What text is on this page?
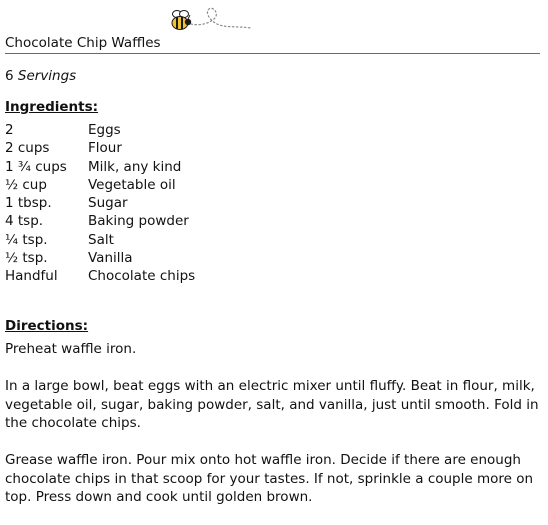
Chocolate Chip Waffles
6 Servings
Ingredients:
2	Eggs
2 cups	Flour
1 ¾ cups	Milk, any kind
½ cup	Vegetable oil
1 tbsp.	Sugar
4 tsp.	Baking powder
¼ tsp.	Salt
½ tsp.	Vanilla
Handful	Chocolate chips
Directions:

Preheat waffle iron.

In a large bowl, beat eggs with an electric mixer until fluffy. Beat in flour, milk, vegetable oil, sugar, baking powder, salt, and vanilla, just until smooth. Fold in the chocolate chips.

Grease waffle iron. Pour mix onto hot waffle iron. Decide if there are enough chocolate chips in that scoop for your tastes. If not, sprinkle a couple more on top. Press down and cook until golden brown.
